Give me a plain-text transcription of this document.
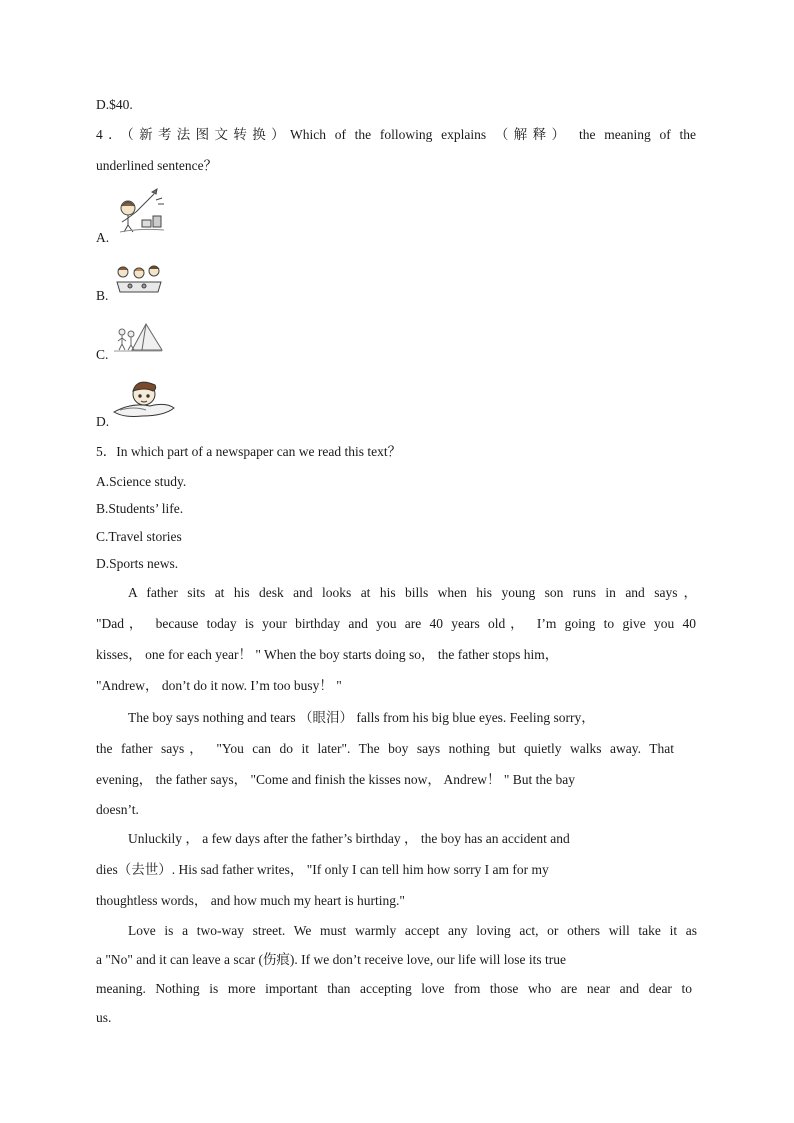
D.$40.
4．（新考法图文转换）Which of the following explains （解释） the meaning of the
underlined sentence？
A.
B.
C.
D.
5．In which part of a newspaper can we read this text？
A.Science study.
B.Students’ life.
C.Travel stories
D.Sports news.
A father sits at his desk and looks at his bills when his young son runs in and says，
"Dad， because today is your birthday and you are 40 years old， I’m going to give you 40
kisses， one for each year！ " When the boy starts doing so， the father stops him，
"Andrew， don’t do it now. I’m too busy！ "
The boy says nothing and tears （眼泪） falls from his big blue eyes. Feeling sorry，
the father says， "You can do it later". The boy says nothing but quietly walks away. That
evening， the father says， "Come and finish the kisses now， Andrew！ " But the bay
doesn’t.
Unluckily ， a few days after the father’s birthday ， the boy has an accident and
dies（去世）. His sad father writes， "If only I can tell him how sorry I am for my
thoughtless words， and how much my heart is hurting."
Love is a two-way street. We must warmly accept any loving act, or others will take it as
a "No" and it can leave a scar (伤痕). If we don’t receive love, our life will lose its true
meaning. Nothing is more important than accepting love from those who are near and dear to
us.
